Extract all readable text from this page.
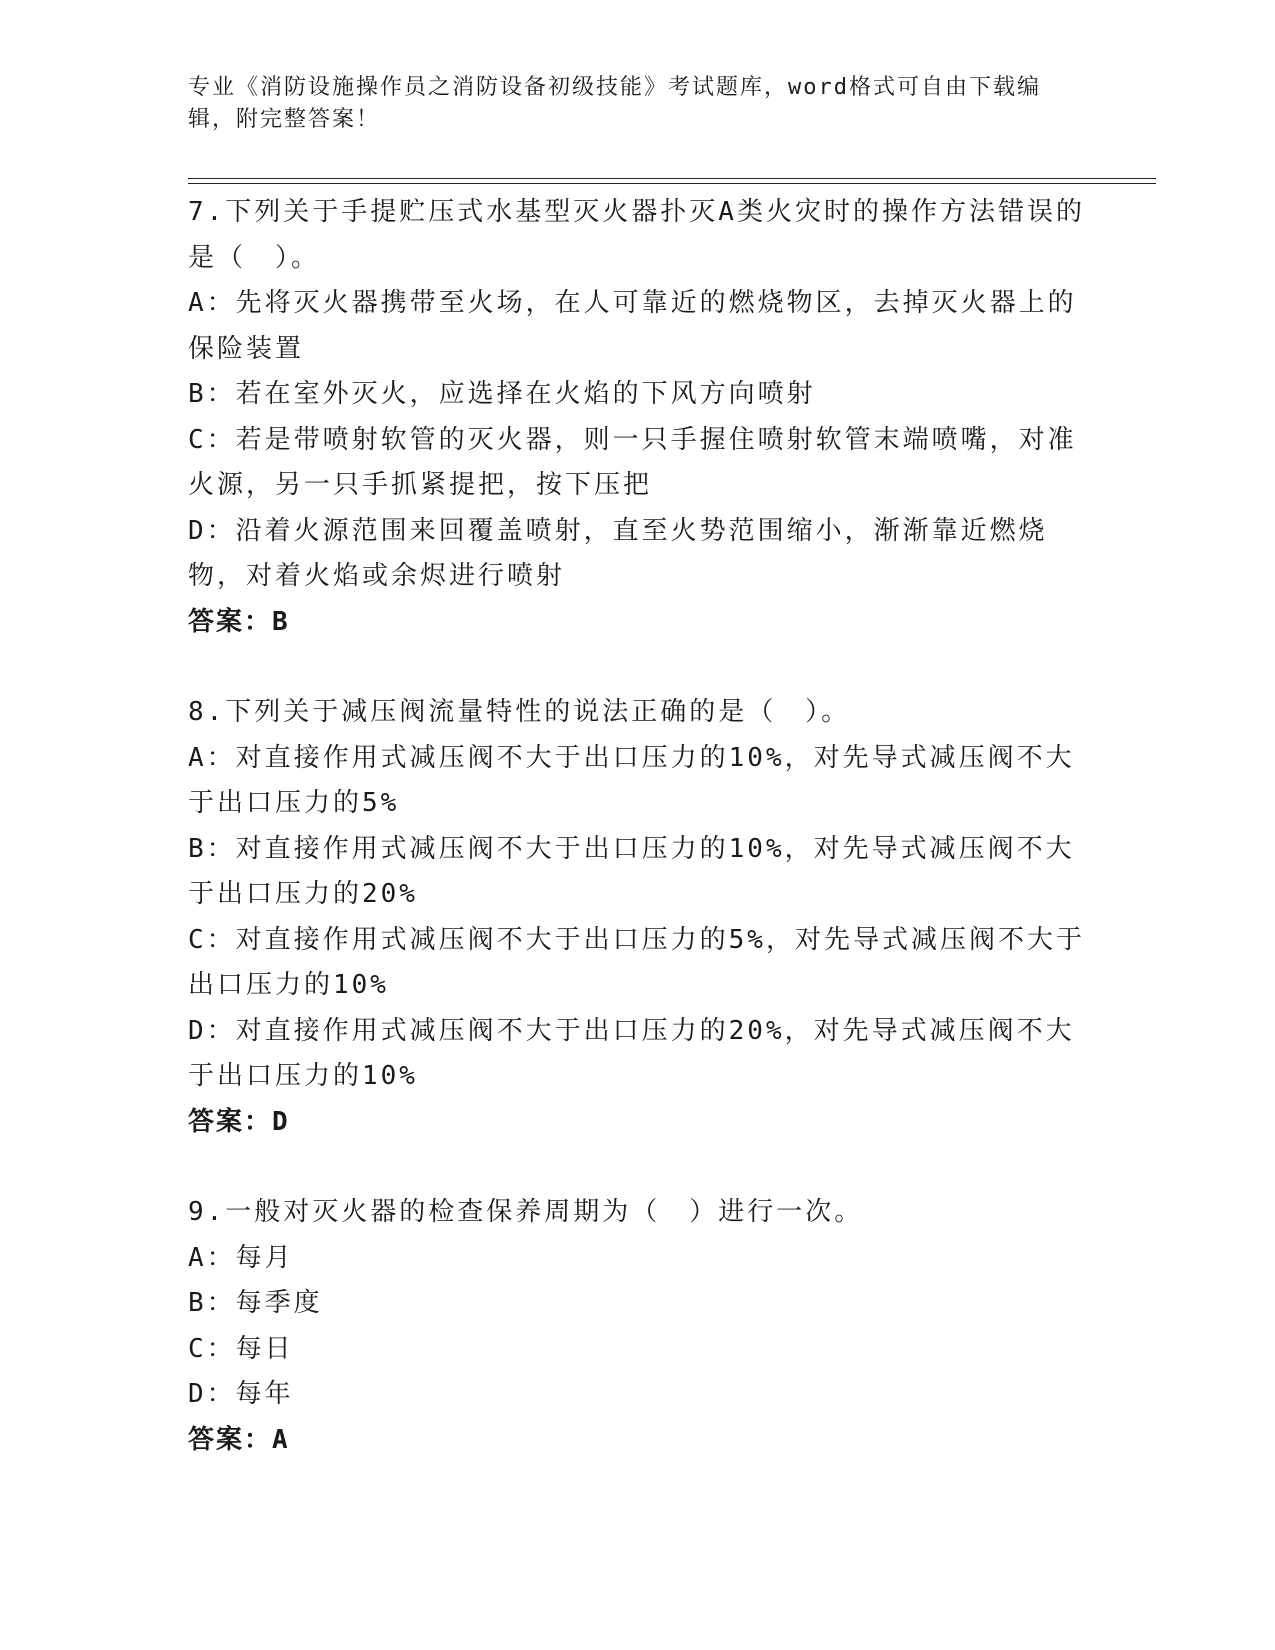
专业《消防设施操作员之消防设备初级技能》考试题库，word格式可自由下载编辑，附完整答案！

7.下列关于手提贮压式水基型灭火器扑灭A类火灾时的操作方法错误的是（　）。

A：先将灭火器携带至火场，在人可靠近的燃烧物区，去掉灭火器上的保险装置

B：若在室外灭火，应选择在火焰的下风方向喷射

C：若是带喷射软管的灭火器，则一只手握住喷射软管末端喷嘴，对准火源，另一只手抓紧提把，按下压把

D：沿着火源范围来回覆盖喷射，直至火势范围缩小，渐渐靠近燃烧物，对着火焰或余烬进行喷射

答案：B

8.下列关于减压阀流量特性的说法正确的是（　）。

A：对直接作用式减压阀不大于出口压力的10%，对先导式减压阀不大于出口压力的5%

B：对直接作用式减压阀不大于出口压力的10%，对先导式减压阀不大于出口压力的20%

C：对直接作用式减压阀不大于出口压力的5%，对先导式减压阀不大于出口压力的10%

D：对直接作用式减压阀不大于出口压力的20%，对先导式减压阀不大于出口压力的10%

答案：D

9.一般对灭火器的检查保养周期为（　）进行一次。

A：每月

B：每季度

C：每日

D：每年

答案：A
